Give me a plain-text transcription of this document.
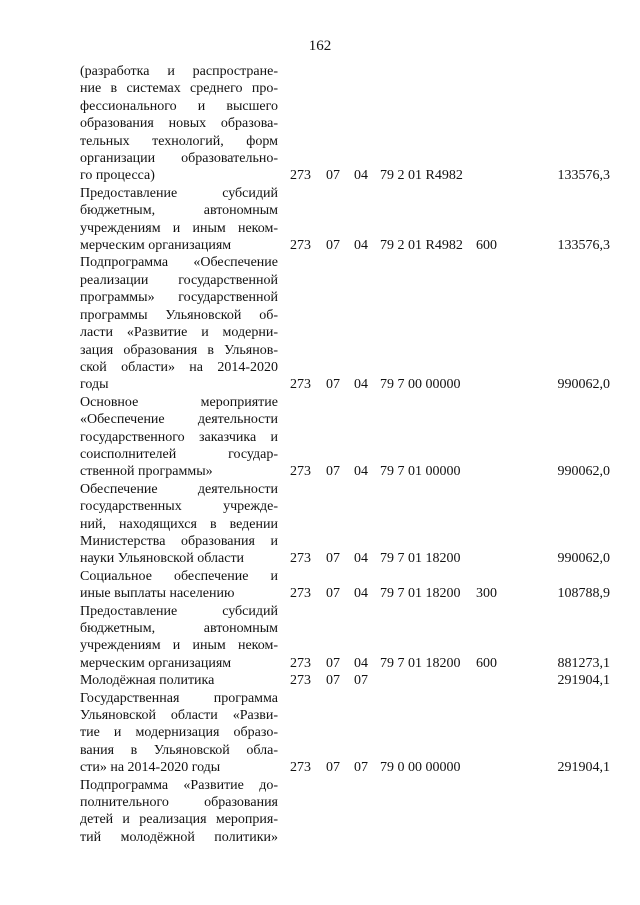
162
(разработка и распростране-
ние в системах среднего про-
фессионального и высшего
образования новых образова-
тельных технологий, форм
организации образовательно-
го процесса)	273 07 04 79 2 01 R4982	133576,3
Предоставление субсидий
бюджетным, автономным
учреждениям и иным неком-
мерческим организациям	273 07 04 79 2 01 R4982 600	133576,3
Подпрограмма «Обеспечение
реализации государственной
программы» государственной
программы Ульяновской об-
ласти «Развитие и модерни-
зация образования в Ульянов-
ской области» на 2014-2020
годы	273 07 04 79 7 00 00000	990062,0
Основное мероприятие
«Обеспечение деятельности
государственного заказчика и
соисполнителей государ-
ственной программы»	273 07 04 79 7 01 00000	990062,0
Обеспечение деятельности
государственных учрежде-
ний, находящихся в ведении
Министерства образования и
науки Ульяновской области	273 07 04 79 7 01 18200	990062,0
Социальное обеспечение и
иные выплаты населению	273 07 04 79 7 01 18200 300	108788,9
Предоставление субсидий
бюджетным, автономным
учреждениям и иным неком-
мерческим организациям	273 07 04 79 7 01 18200 600	881273,1
Молодёжная политика	273 07 07	291904,1
Государственная программа
Ульяновской области «Разви-
тие и модернизация образо-
вания в Ульяновской обла-
сти» на 2014-2020 годы	273 07 07 79 0 00 00000	291904,1
Подпрограмма «Развитие до-
полнительного образования
детей и реализация мероприя-
тий молодёжной политики»
